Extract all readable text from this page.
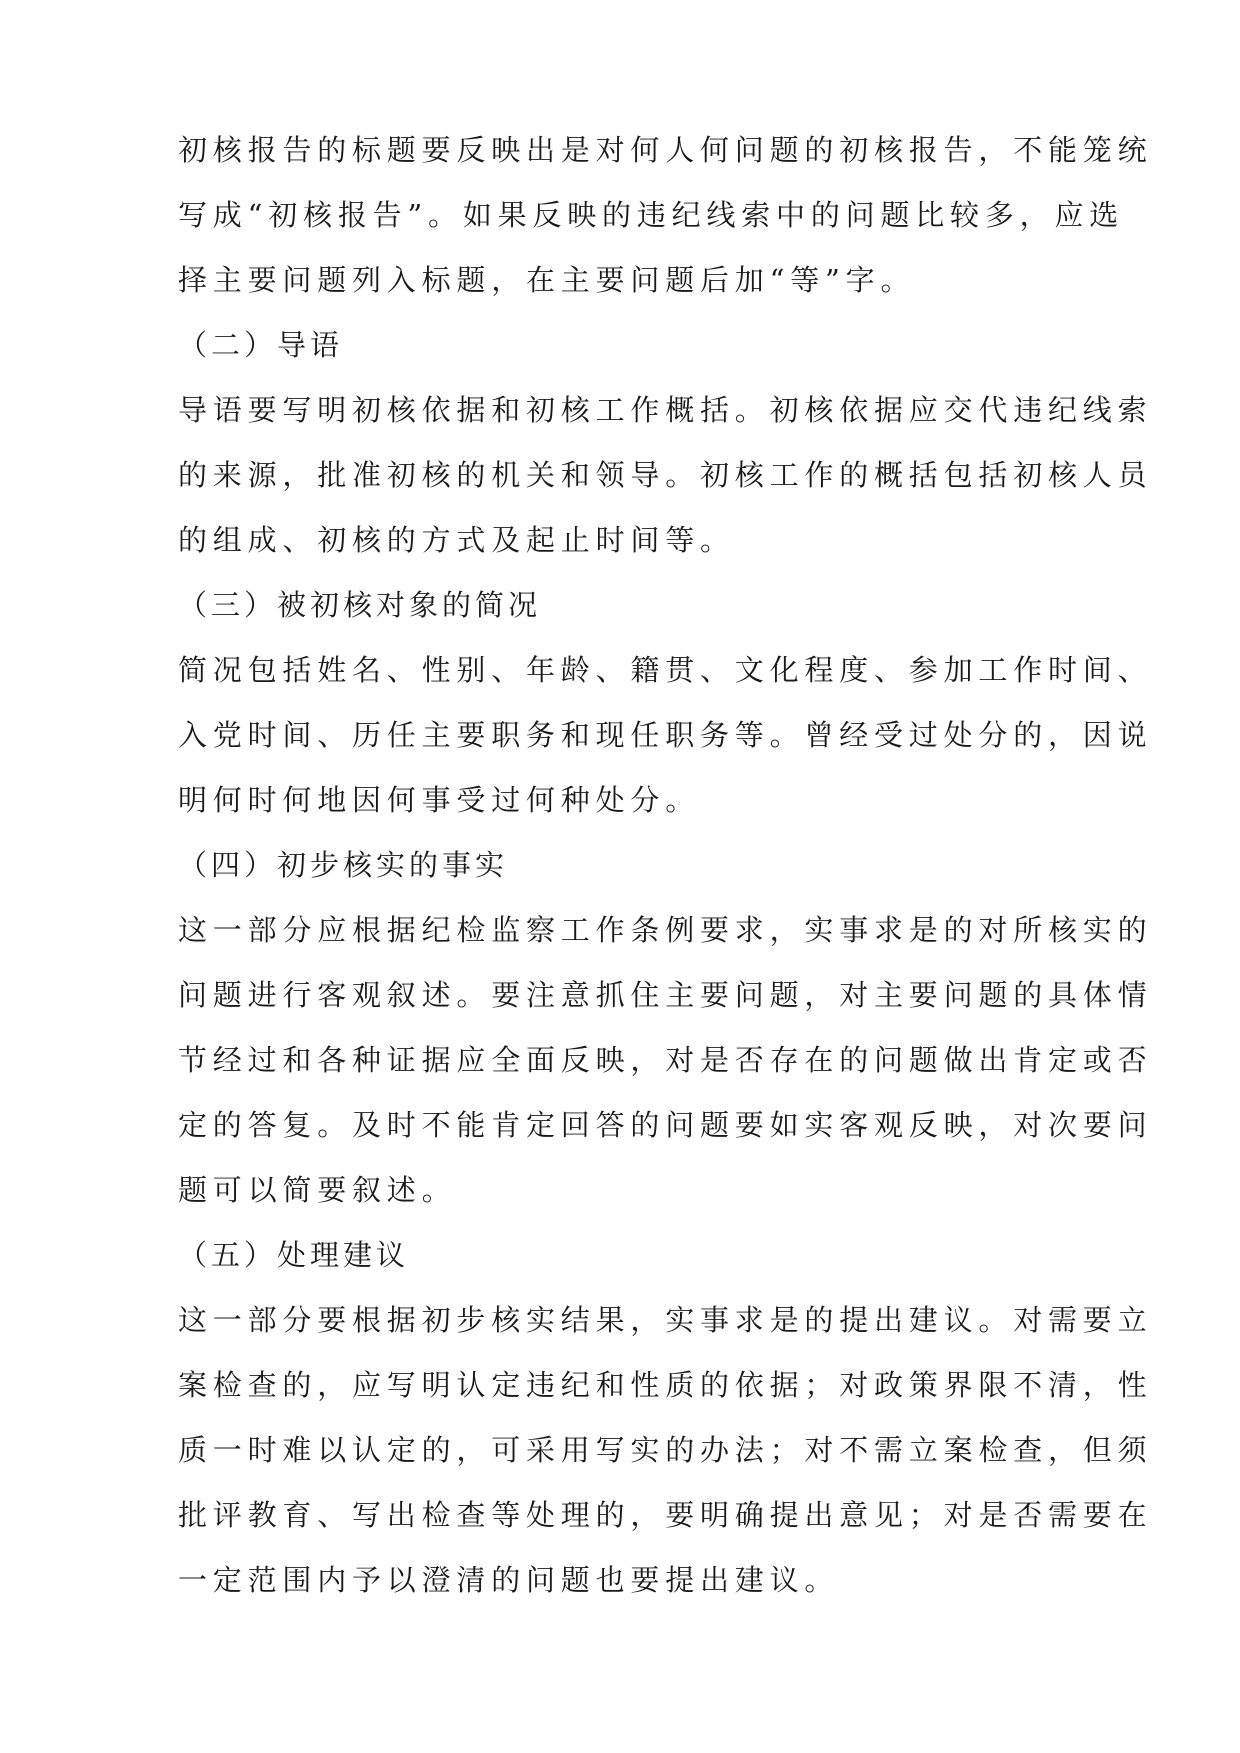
初核报告的标题要反映出是对何人何问题的初核报告，不能笼统
写成“初核报告”。如果反映的违纪线索中的问题比较多，应选
择主要问题列入标题，在主要问题后加“等”字。
（二）导语
导语要写明初核依据和初核工作概括。初核依据应交代违纪线索
的来源，批准初核的机关和领导。初核工作的概括包括初核人员
的组成、初核的方式及起止时间等。
（三）被初核对象的简况
简况包括姓名、性别、年龄、籍贯、文化程度、参加工作时间、
入党时间、历任主要职务和现任职务等。曾经受过处分的，因说
明何时何地因何事受过何种处分。
（四）初步核实的事实
这一部分应根据纪检监察工作条例要求，实事求是的对所核实的
问题进行客观叙述。要注意抓住主要问题，对主要问题的具体情
节经过和各种证据应全面反映，对是否存在的问题做出肯定或否
定的答复。及时不能肯定回答的问题要如实客观反映，对次要问
题可以简要叙述。
（五）处理建议
这一部分要根据初步核实结果，实事求是的提出建议。对需要立
案检查的，应写明认定违纪和性质的依据；对政策界限不清，性
质一时难以认定的，可采用写实的办法；对不需立案检查，但须
批评教育、写出检查等处理的，要明确提出意见；对是否需要在
一定范围内予以澄清的问题也要提出建议。
